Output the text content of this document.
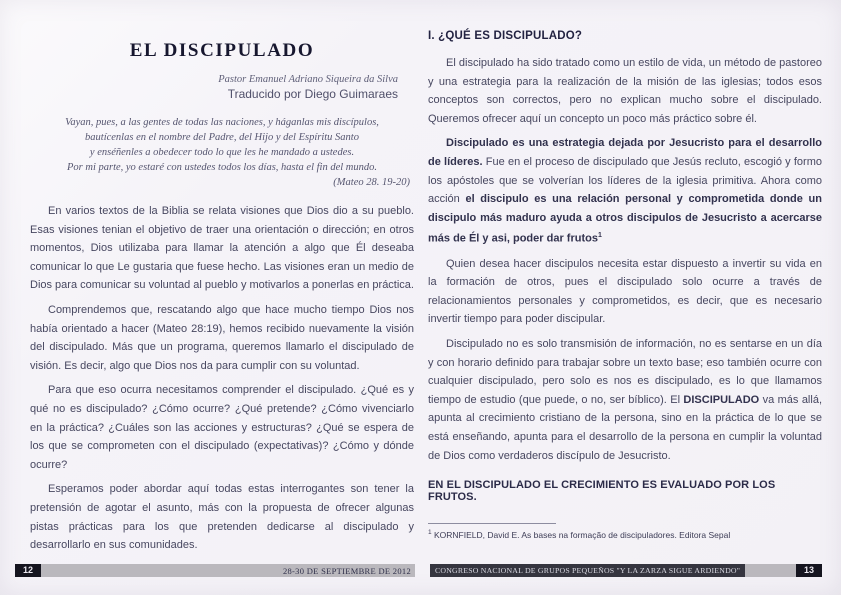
EL DISCIPULADO
Pastor Emanuel Adriano Siqueira da Silva
Traducido por Diego Guimaraes
Vayan, pues, a las gentes de todas las naciones, y háganlas mis discípulos,
bautícenlas en el nombre del Padre, del Hijo y del Espíritu Santo
y enséñenles a obedecer todo lo que les he mandado a ustedes.
Por mi parte, yo estaré con ustedes todos los días, hasta el fin del mundo.
(Mateo 28. 19-20)

En varios textos de la Biblia se relata visiones que Dios dio a su pueblo. Esas visiones tenian el objetivo de traer una orientación o dirección; en otros momentos, Dios utilizaba para llamar la atención a algo que Él deseaba comunicar lo que Le gustaria que fuese hecho. Las visiones eran un medio de Dios para comunicar su voluntad al pueblo y motivarlos a ponerlas en práctica.

Comprendemos que, rescatando algo que hace mucho tiempo Dios nos había orientado a hacer (Mateo 28:19), hemos recibido nuevamente la visión del discipulado. Más que un programa, queremos llamarlo el discipulado de visión. Es decir, algo que Dios nos da para cumplir con su voluntad.

Para que eso ocurra necesitamos comprender el discipulado. ¿Qué es y qué no es discipulado? ¿Cómo ocurre? ¿Qué pretende? ¿Cómo vivenciarlo en la práctica? ¿Cuáles son las acciones y estructuras? ¿Qué se espera de los que se comprometen con el discipulado (expectativas)? ¿Cómo y dónde ocurre?

Esperamos poder abordar aquí todas estas interrogantes son tener la pretensión de agotar el asunto, más con la propuesta de ofrecer algunas pistas prácticas para los que pretenden dedicarse al discipulado y desarrollarlo en sus comunidades.

I. ¿QUÉ ES DISCIPULADO?

El discipulado ha sido tratado como un estilo de vida, un método de pastoreo y una estrategia para la realización de la misión de las iglesias; todos esos conceptos son correctos, pero no explican mucho sobre el discipulado. Queremos ofrecer aquí un concepto un poco más práctico sobre él.

Discipulado es una estrategia dejada por Jesucristo para el desarrollo de líderes. Fue en el proceso de discipulado que Jesús recluto, escogió y formo los apóstoles que se volverían los líderes de la iglesia primitiva. Ahora como acción el discipulo es una relación personal y comprometida donde un discipulo más maduro ayuda a otros discipulos de Jesucristo a acercarse más de Él y asi, poder dar frutos$^1$

Quien desea hacer discipulos necesita estar dispuesto a invertir su vida en la formación de otros, pues el discipulado solo ocurre a través de relacionamientos personales y comprometidos, es decir, que es necesario invertir tiempo para poder discipular.

Discipulado no es solo transmisión de información, no es sentarse en un día y con horario definido para trabajar sobre un texto base; eso también ocurre con cualquier discipulado, pero solo es nos es discipulado, es lo que llamamos tiempo de estudio (que puede, o no, ser bíblico). El DISCIPULADO va más allá, apunta al crecimiento cristiano de la persona, sino en la práctica de lo que se está enseñando, apunta para el desarrollo de la persona en cumplir la voluntad de Dios como verdaderos discípulo de Jesucristo.

EN EL DISCIPULADO EL CRECIMIENTO ES EVALUADO POR LOS FRUTOS.
$^1$ KORNFIELD, David E. As bases na formação de discipuladores. Editora Sepal
12	28-30 DE SEPTIEMBRE DE 2012	CONGRESO NACIONAL DE GRUPOS PEQUEÑOS "Y LA ZARZA SIGUE ARDIENDO"	13
